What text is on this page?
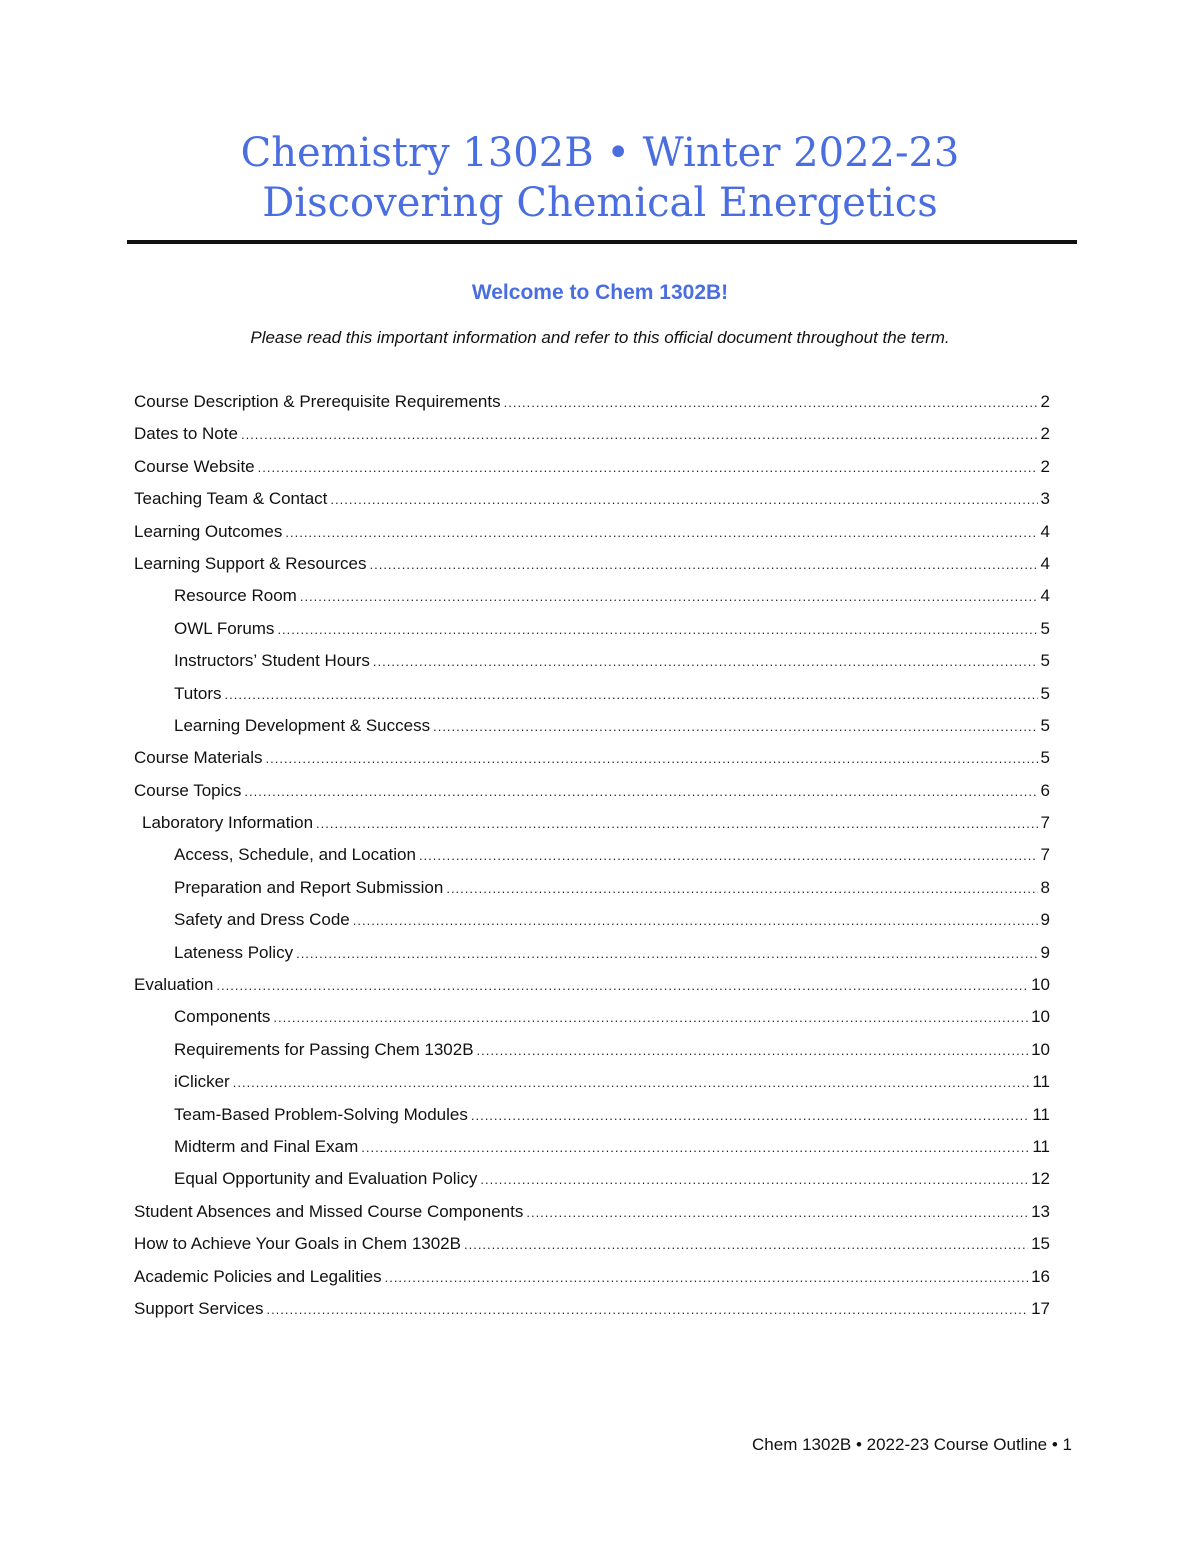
Chemistry 1302B • Winter 2022-23
Discovering Chemical Energetics
Welcome to Chem 1302B!
Please read this important information and refer to this official document throughout the term.
Course Description & Prerequisite Requirements .....	2
Dates to Note .....	2
Course Website .....	2
Teaching Team & Contact .....	3
Learning Outcomes .....	4
Learning Support & Resources .....	4
Resource Room .....	4
OWL Forums .....	5
Instructors’ Student Hours .....	5
Tutors .....	5
Learning Development & Success .....	5
Course Materials .....	5
Course Topics .....	6
Laboratory Information .....	7
Access, Schedule, and Location .....	7
Preparation and Report Submission .....	8
Safety and Dress Code .....	9
Lateness Policy .....	9
Evaluation .....	10
Components .....	10
Requirements for Passing Chem 1302B .....	10
iClicker .....	11
Team-Based Problem-Solving Modules .....	11
Midterm and Final Exam .....	11
Equal Opportunity and Evaluation Policy .....	12
Student Absences and Missed Course Components .....	13
How to Achieve Your Goals in Chem 1302B .....	15
Academic Policies and Legalities .....	16
Support Services .....	17
Chem 1302B • 2022-23 Course Outline • 1
